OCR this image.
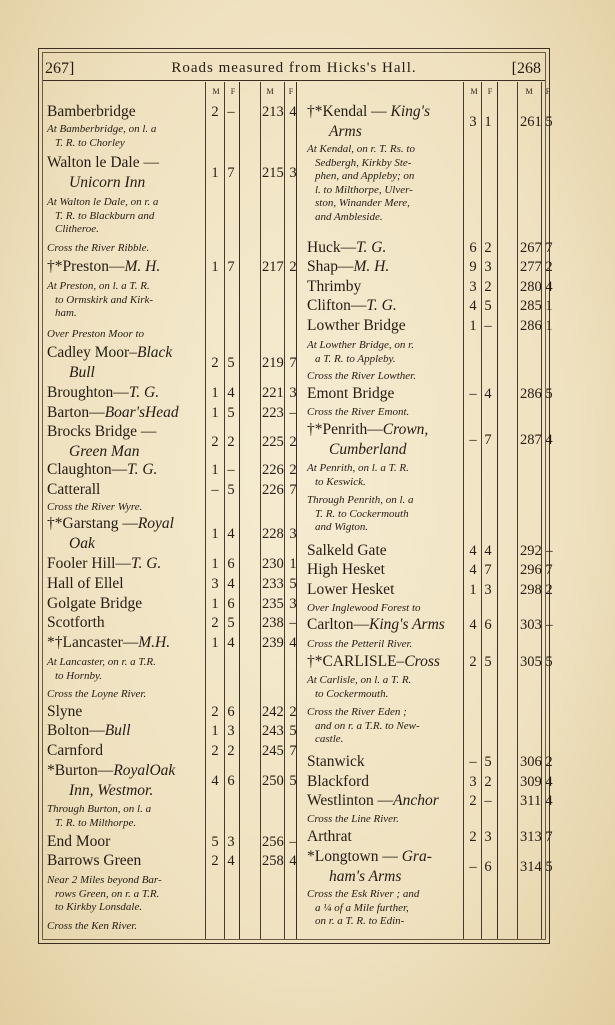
267]	Roads measured from Hicks's Hall.	[268
M	F	M	F	M	F	M	F
Bamberbridge	2 –	213 4
At Bamberbridge, on l. a
T. R. to Chorley
Walton le Dale —
Unicorn Inn
1 7	215 3
At Walton le Dale, on r. a
T. R. to Blackburn and
Clitheroe.
Cross the River Ribble.
†*Preston—M. H.	1 7	217 2
At Preston, on l. a T. R.
to Ormskirk and Kirk-
ham.
Over Preston Moor to
Cadley Moor–Black
Bull
2 5	219 7
Broughton—T. G.	1 4	221 3
Barton—Boar'sHead	1 5	223 –
Brocks Bridge —
Green Man
2 2	225 2
Claughton—T. G.	1 –	226 2
Catterall	– 5	226 7
Cross the River Wyre.
†*Garstang —Royal
Oak
1 4	228 3
Fooler Hill—T. G.	1 6	230 1
Hall of Ellel	3 4	233 5
Golgate Bridge	1 6	235 3
Scotforth	2 5	238 –
*†Lancaster—M.H.	1 4	239 4
At Lancaster, on r. a T.R.
to Hornby.
Cross the Loyne River.
Slyne	2 6	242 2
Bolton—Bull	1 3	243 5
Carnford	2 2	245 7
*Burton—RoyalOak
Inn, Westmor.
4 6	250 5
Through Burton, on l. a
T. R. to Milthorpe.
End Moor	5 3	256 –
Barrows Green	2 4	258 4
Near 2 Miles beyond Bar-
rows Green, on r. a T.R.
to Kirkby Lonsdale.
Cross the Ken River.
†*Kendal — King's
Arms
3 1	261 5
At Kendal, on r. T. Rs. to
Sedbergh, Kirkby Ste-
phen, and Appleby; on
l. to Milthorpe, Ulver-
ston, Winander Mere,
and Ambleside.
Huck—T. G.	6 2	267 7
Shap—M. H.	9 3	277 2
Thrimby	3 2	280 4
Clifton—T. G.	4 5	285 1
Lowther Bridge	1 –	286 1
At Lowther Bridge, on r.
a T. R. to Appleby.
Cross the River Lowther.
Emont Bridge	– 4	286 5
Cross the River Emont.
†*Penrith—Crown,
Cumberland
– 7	287 4
At Penrith, on l. a T. R.
to Keswick.
Through Penrith, on l. a
T. R. to Cockermouth
and Wigton.
Salkeld Gate	4 4	292 –
High Hesket	4 7	296 7
Lower Hesket	1 3	298 2
Over Inglewood Forest to
Carlton—King's Arms	4 6	303 –
Cross the Petteril River.
†*CARLISLE–Cross	2 5	305 5
At Carlisle, on l. a T. R.
to Cockermouth.
Cross the River Eden ;
and on r. a T.R. to New-
castle.
Stanwick	– 5	306 2
Blackford	3 2	309 4
Westlinton —Anchor	2 –	311 4
Cross the Line River.
Arthrat	2 3	313 7
*Longtown — Gra-
ham's Arms
– 6	314 5
Cross the Esk River ; and
a ¼ of a Mile further,
on r. a T. R. to Edin-
